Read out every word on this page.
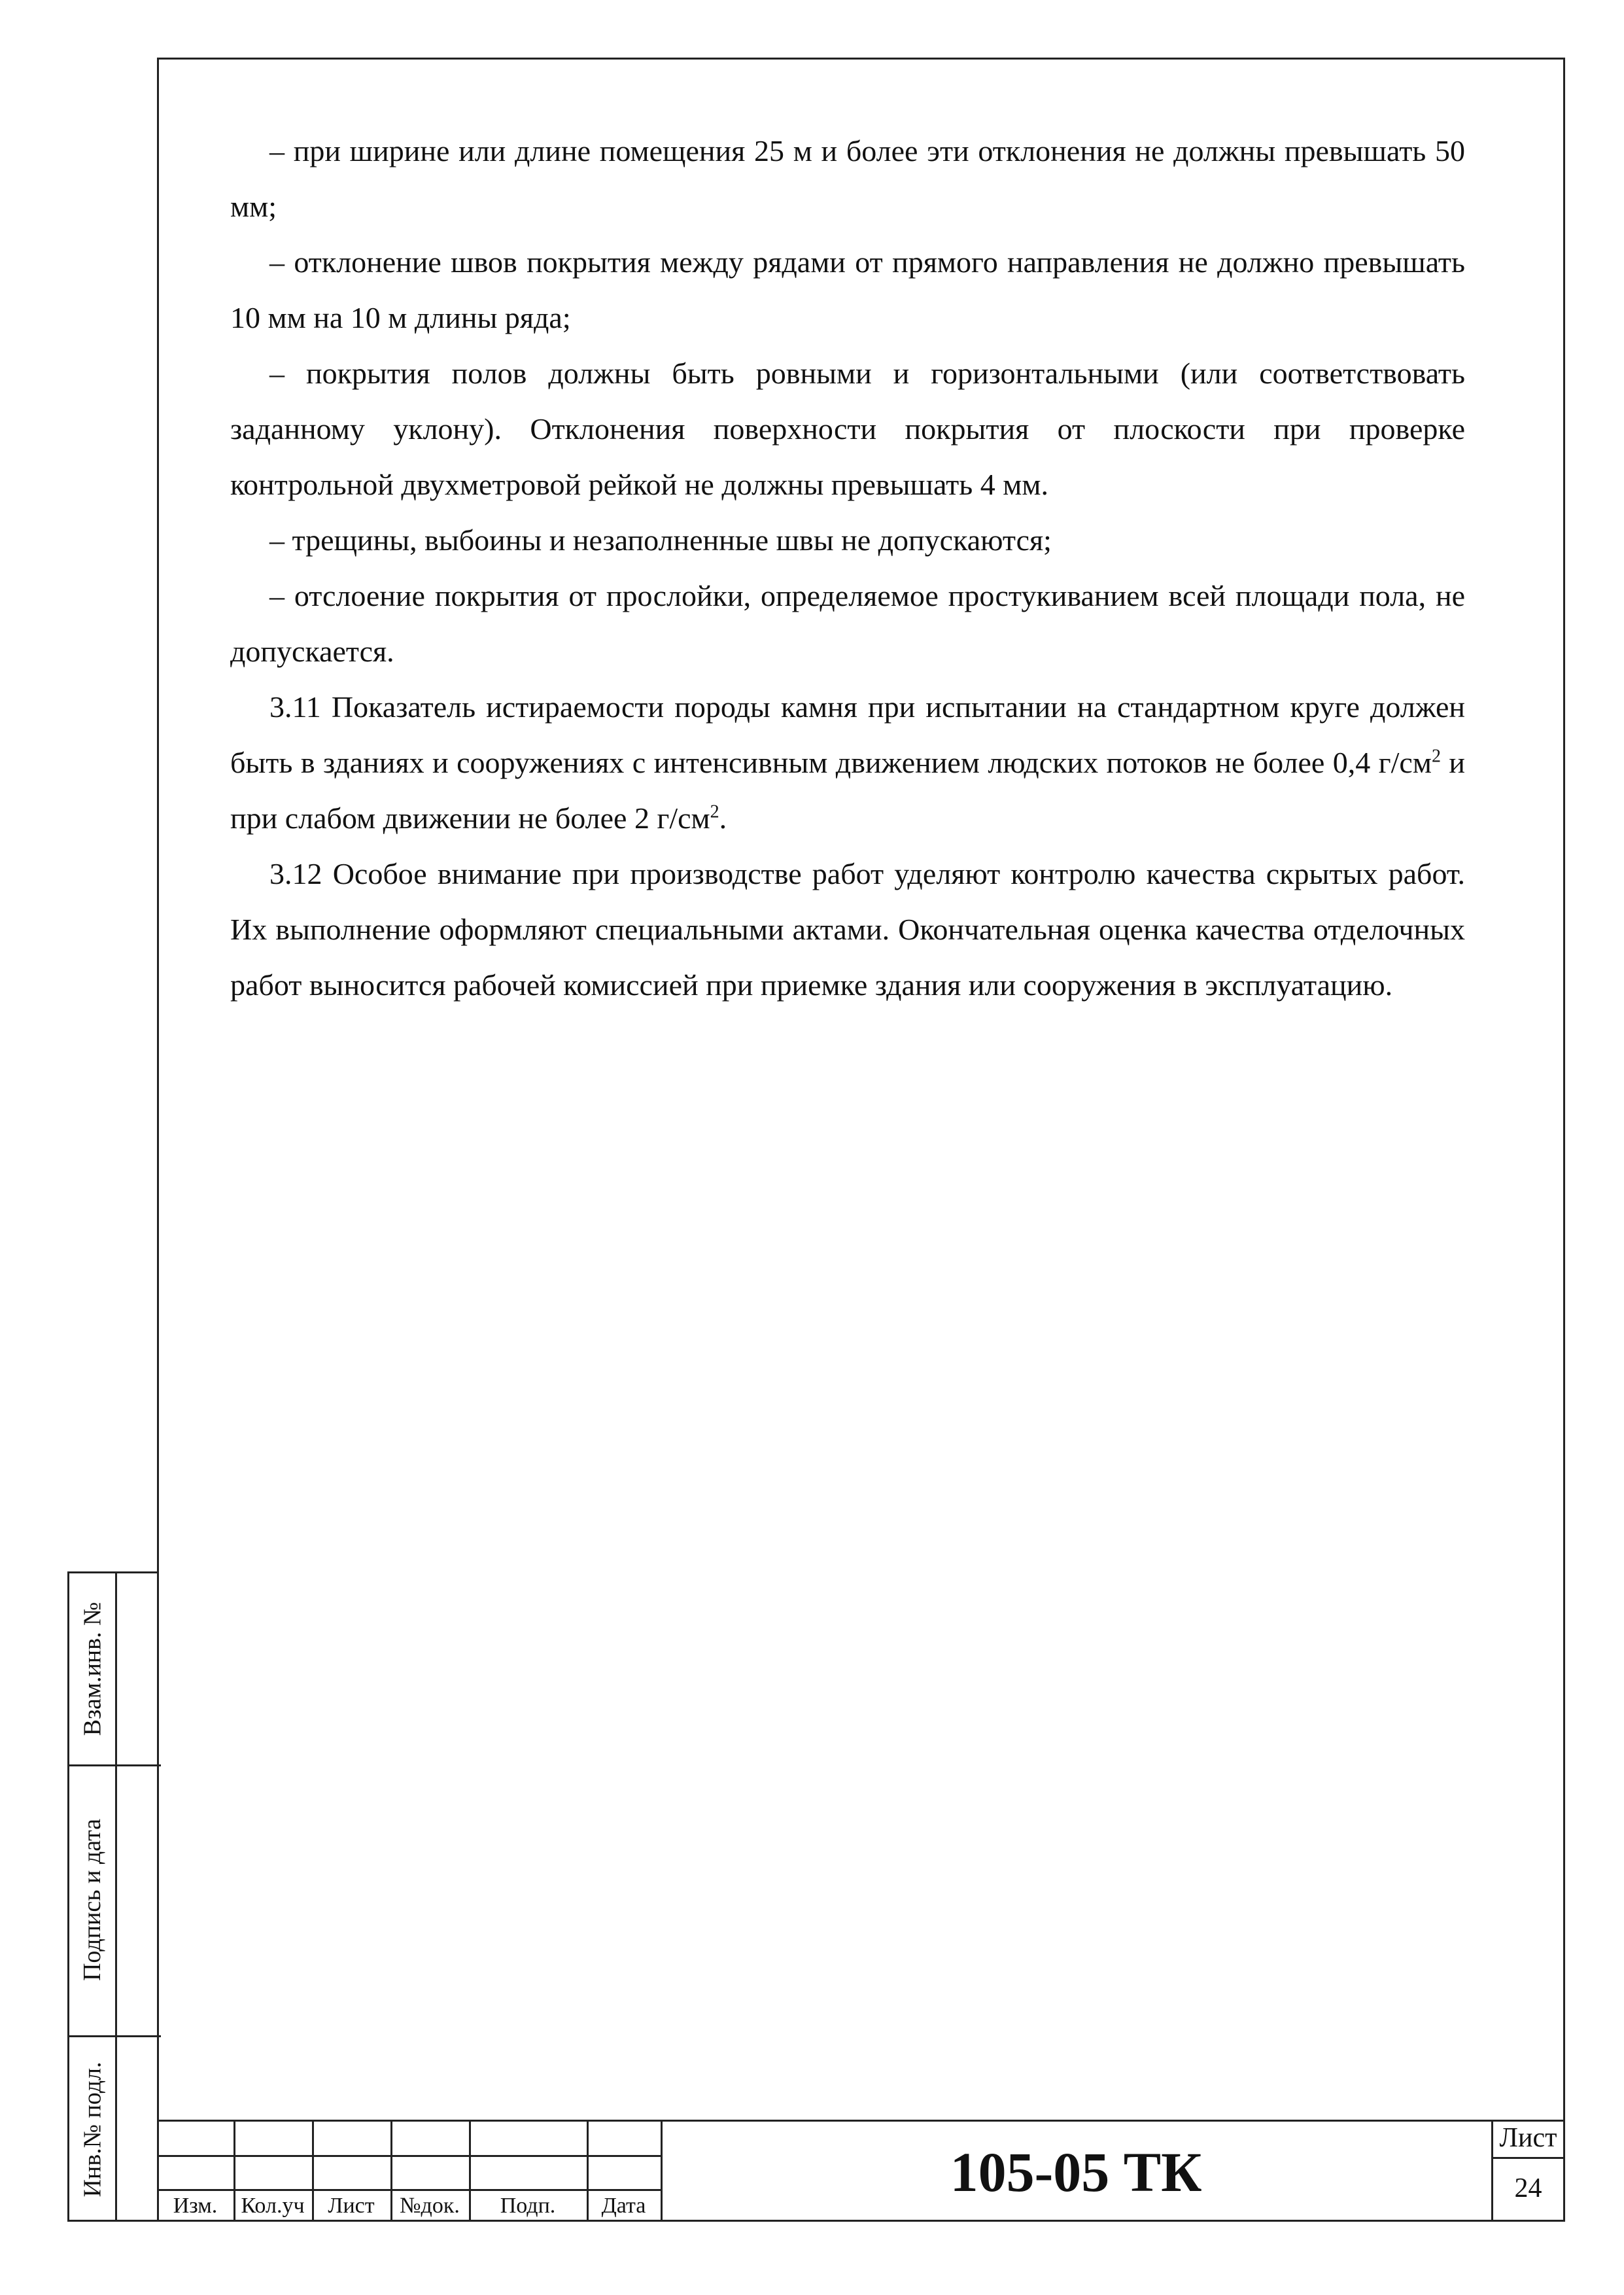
– при ширине или длине помещения 25 м и более эти отклонения не должны превышать 50 мм;

– отклонение швов покрытия между рядами от прямого направления не должно превышать 10 мм на 10 м длины ряда;

– покрытия полов должны быть ровными и горизонтальными (или соответствовать заданному уклону). Отклонения поверхности покрытия от плоскости при проверке контрольной двухметровой рейкой не должны превышать 4 мм.

– трещины, выбоины и незаполненные швы не допускаются;

– отслоение покрытия от прослойки, определяемое простукиванием всей площади пола, не допускается.

3.11 Показатель истираемости породы камня при испытании на стандартном круге должен быть в зданиях и сооружениях с интенсивным движением людских потоков не более 0,4 $г/см^2$ и при слабом движении не более 2 $г/см^2$.

3.12 Особое внимание при производстве работ уделяют контролю качества скрытых работ. Их выполнение оформляют специальными актами. Окончательная оценка качества отделочных работ выносится рабочей комиссией при приемке здания или сооружения в эксплуатацию.

Взам.инв. №
Подпись и дата
Инв.№ подл.
Изм.	Кол.уч	Лист	№док.	Подп.	Дата
105-05 ТК
Лист
24
